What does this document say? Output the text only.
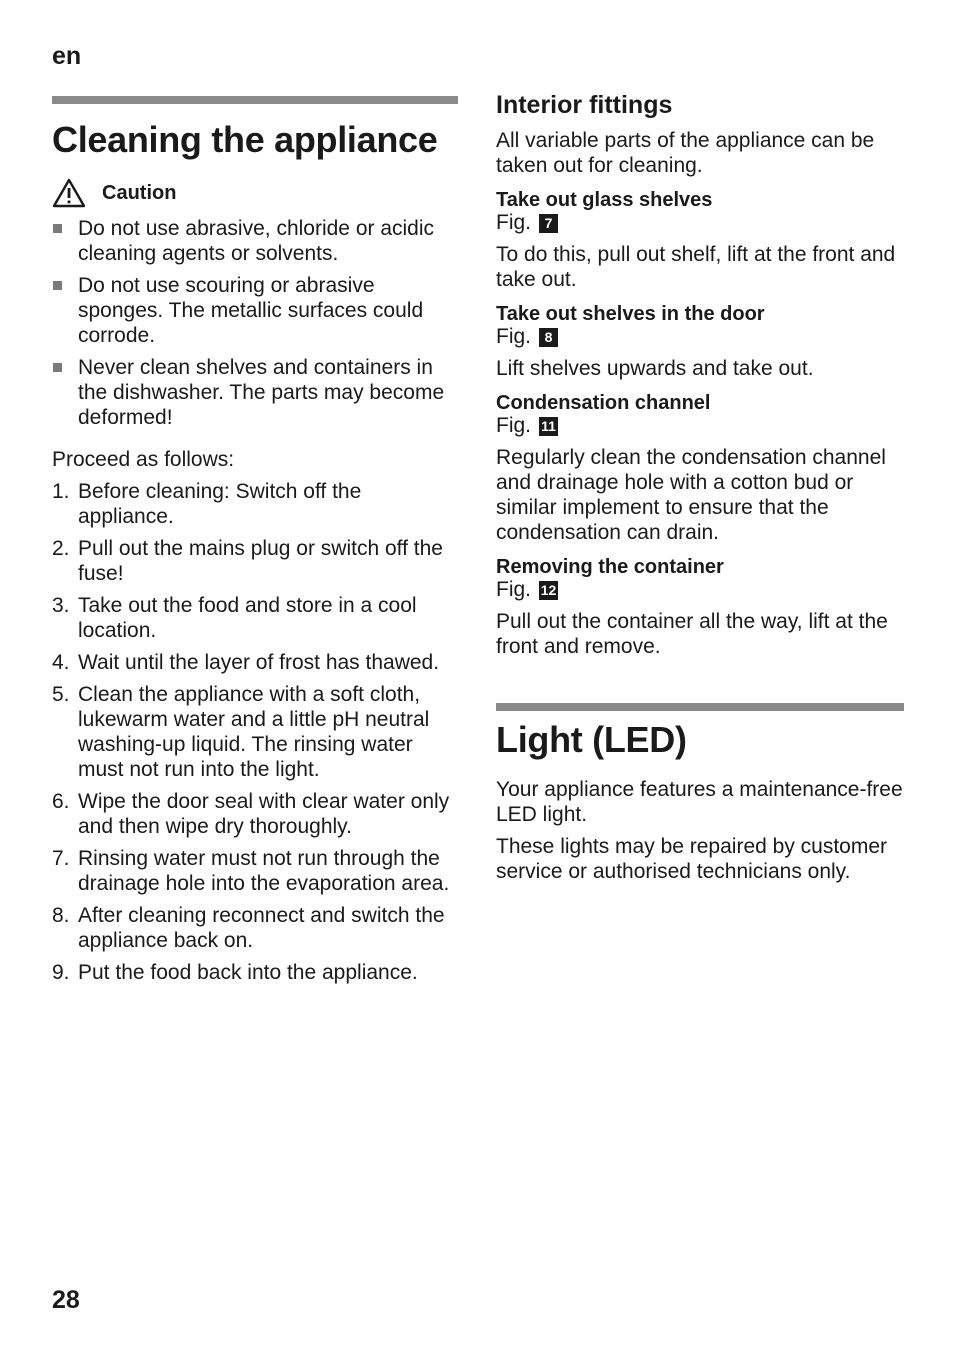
en
Cleaning the appliance
Caution
Do not use abrasive, chloride or acidic cleaning agents or solvents.
Do not use scouring or abrasive sponges. The metallic surfaces could corrode.
Never clean shelves and containers in the dishwasher. The parts may become deformed!

Proceed as follows:

1. Before cleaning: Switch off the appliance.
2. Pull out the mains plug or switch off the fuse!
3. Take out the food and store in a cool location.
4. Wait until the layer of frost has thawed.
5. Clean the appliance with a soft cloth, lukewarm water and a little pH neutral washing-up liquid. The rinsing water must not run into the light.
6. Wipe the door seal with clear water only and then wipe dry thoroughly.
7. Rinsing water must not run through the drainage hole into the evaporation area.
8. After cleaning reconnect and switch the appliance back on.
9. Put the food back into the appliance.
Interior fittings

All variable parts of the appliance can be taken out for cleaning.

Take out glass shelves
Fig. 7

To do this, pull out shelf, lift at the front and take out.

Take out shelves in the door
Fig. 8

Lift shelves upwards and take out.

Condensation channel
Fig. 11

Regularly clean the condensation channel and drainage hole with a cotton bud or similar implement to ensure that the condensation can drain.

Removing the container
Fig. 12

Pull out the container all the way, lift at the front and remove.

Light (LED)

Your appliance features a maintenance-free LED light.

These lights may be repaired by customer service or authorised technicians only.

28
